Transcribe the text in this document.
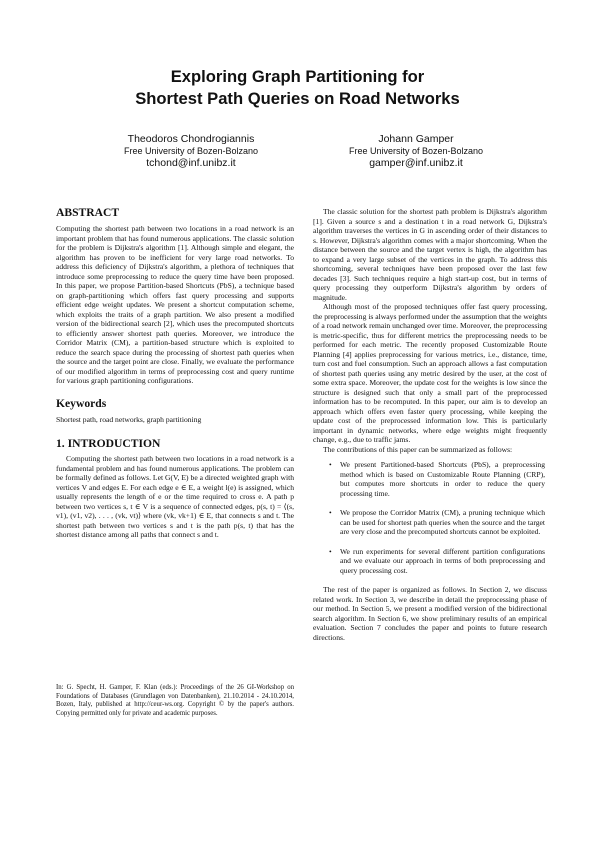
Exploring Graph Partitioning for
Shortest Path Queries on Road Networks
Theodoros Chondrogiannis
Free University of Bozen-Bolzano
tchond@inf.unibz.it
Johann Gamper
Free University of Bozen-Bolzano
gamper@inf.unibz.it
ABSTRACT

Computing the shortest path between two locations in a road network is an important problem that has found numerous applications. The classic solution for the problem is Dijkstra's algorithm [1]. Although simple and elegant, the algorithm has proven to be inefficient for very large road networks. To address this deficiency of Dijkstra's algorithm, a plethora of techniques that introduce some preprocessing to reduce the query time have been proposed. In this paper, we propose Partition-based Shortcuts (PbS), a technique based on graph-partitioning which offers fast query processing and supports efficient edge weight updates. We present a shortcut computation scheme, which exploits the traits of a graph partition. We also present a modified version of the bidirectional search [2], which uses the precomputed shortcuts to efficiently answer shortest path queries. Moreover, we introduce the Corridor Matrix (CM), a partition-based structure which is exploited to reduce the search space during the processing of shortest path queries when the source and the target point are close. Finally, we evaluate the performance of our modified algorithm in terms of preprocessing cost and query runtime for various graph partitioning configurations.

Keywords

Shortest path, road networks, graph partitioning

1. INTRODUCTION

Computing the shortest path between two locations in a road network is a fundamental problem and has found numerous applications. The problem can be formally defined as follows. Let G(V, E) be a directed weighted graph with vertices V and edges E. For each edge e ∈ E, a weight l(e) is assigned, which usually represents the length of e or the time required to cross e. A path p between two vertices s, t ∈ V is a sequence of connected edges, p(s, t) = ⟨(s, v1), (v1, v2), . . . , (vk, vt)⟩ where (vk, vk+1) ∈ E, that connects s and t. The shortest path between two vertices s and t is the path p(s, t) that has the shortest distance among all paths that connect s and t.

In: G. Specht, H. Gamper, F. Klan (eds.): Proceedings of the 26 GI-Workshop on Foundations of Databases (Grundlagen von Datenbanken), 21.10.2014 - 24.10.2014, Bozen, Italy, published at http://ceur-ws.org. Copyright © by the paper's authors. Copying permitted only for private and academic purposes.

The classic solution for the shortest path problem is Dijkstra's algorithm [1]. Given a source s and a destination t in a road network G, Dijkstra's algorithm traverses the vertices in G in ascending order of their distances to s. However, Dijkstra's algorithm comes with a major shortcoming. When the distance between the source and the target vertex is high, the algorithm has to expand a very large subset of the vertices in the graph. To address this shortcoming, several techniques have been proposed over the last few decades [3]. Such techniques require a high start-up cost, but in terms of query processing they outperform Dijkstra's algorithm by orders of magnitude.

Although most of the proposed techniques offer fast query processing, the preprocessing is always performed under the assumption that the weights of a road network remain unchanged over time. Moreover, the preprocessing is metric-specific, thus for different metrics the preprocessing needs to be performed for each metric. The recently proposed Customizable Route Planning [4] applies preprocessing for various metrics, i.e., distance, time, turn cost and fuel consumption. Such an approach allows a fast computation of shortest path queries using any metric desired by the user, at the cost of some extra space. Moreover, the update cost for the weights is low since the structure is designed such that only a small part of the preprocessed information has to be recomputed. In this paper, our aim is to develop an approach which offers even faster query processing, while keeping the update cost of the preprocessed information low. This is particularly important in dynamic networks, where edge weights might frequently change, e.g., due to traffic jams.

The contributions of this paper can be summarized as follows:

• We present Partitioned-based Shortcuts (PbS), a preprocessing method which is based on Customizable Route Planning (CRP), but computes more shortcuts in order to reduce the query processing time.

• We propose the Corridor Matrix (CM), a pruning technique which can be used for shortest path queries when the source and the target are very close and the precomputed shortcuts cannot be exploited.

• We run experiments for several different partition configurations and we evaluate our approach in terms of both preprocessing and query processing cost.

The rest of the paper is organized as follows. In Section 2, we discuss related work. In Section 3, we describe in detail the preprocessing phase of our method. In Section 5, we present a modified version of the bidirectional search algorithm. In Section 6, we show preliminary results of an empirical evaluation. Section 7 concludes the paper and points to future research directions.
